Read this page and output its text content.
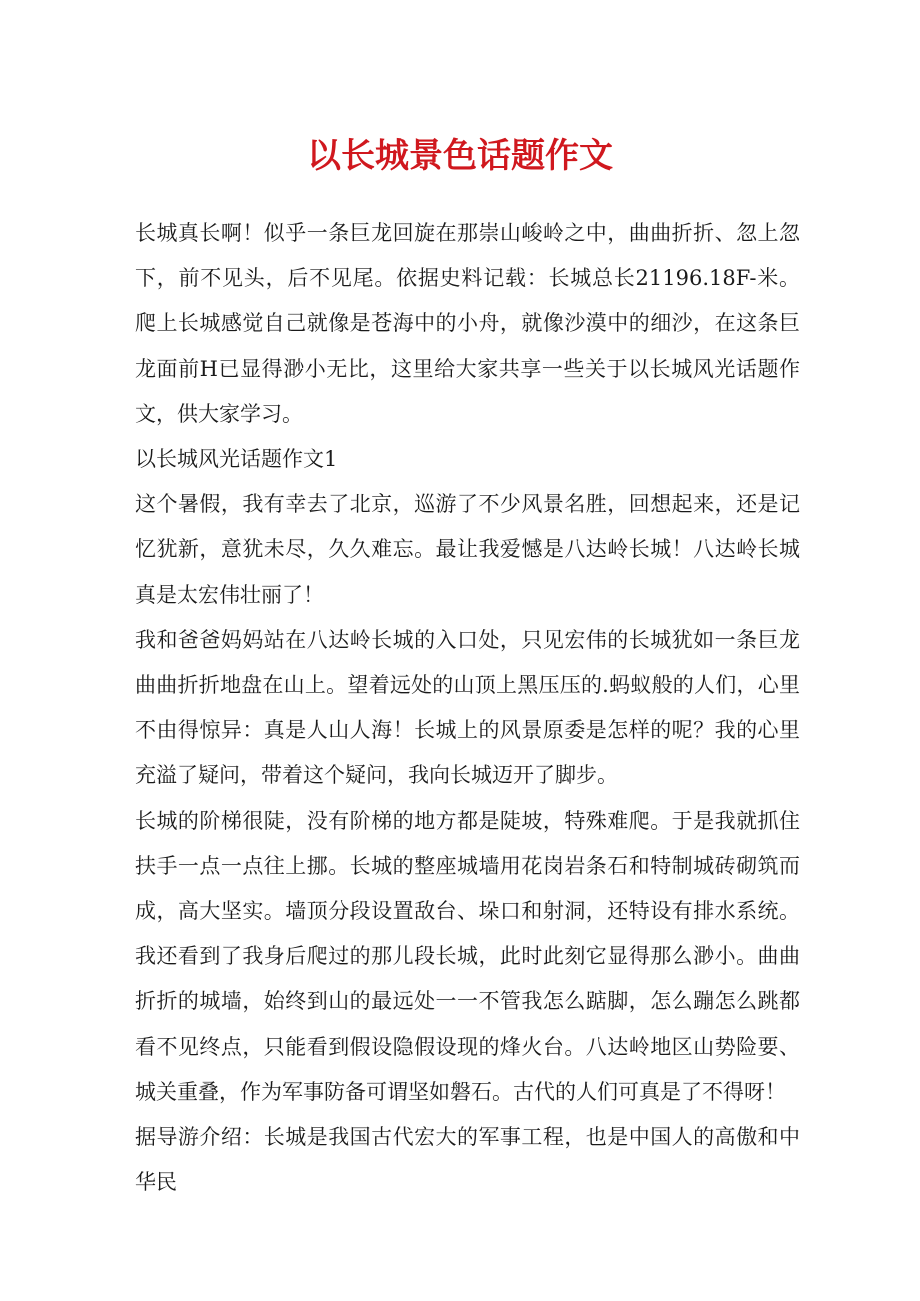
以长城景色话题作文

长城真长啊！似乎一条巨龙回旋在那崇山峻岭之中，曲曲折折、忽上忽下，前不见头，后不见尾。依据史料记载：长城总长21196.18F-米。爬上长城感觉自己就像是苍海中的小舟，就像沙漠中的细沙，在这条巨龙面前H已显得渺小无比，这里给大家共享一些关于以长城风光话题作文，供大家学习。

以长城风光话题作文1

这个暑假，我有幸去了北京，巡游了不少风景名胜，回想起来，还是记忆犹新，意犹未尽，久久难忘。最让我爱憾是八达岭长城！八达岭长城真是太宏伟壮丽了！

我和爸爸妈妈站在八达岭长城的入口处，只见宏伟的长城犹如一条巨龙曲曲折折地盘在山上。望着远处的山顶上黑压压的.蚂蚁般的人们，心里不由得惊异：真是人山人海！长城上的风景原委是怎样的呢？我的心里充溢了疑问，带着这个疑问，我向长城迈开了脚步。

长城的阶梯很陡，没有阶梯的地方都是陡坡，特殊难爬。于是我就抓住扶手一点一点往上挪。长城的整座城墙用花岗岩条石和特制城砖砌筑而成，高大坚实。墙顶分段设置敌台、垛口和射洞，还特设有排水系统。我还看到了我身后爬过的那儿段长城，此时此刻它显得那么渺小。曲曲折折的城墙，始终到山的最远处一一不管我怎么踮脚，怎么蹦怎么跳都看不见终点，只能看到假设隐假设现的烽火台。八达岭地区山势险要、城关重叠，作为军事防备可谓坚如磐石。古代的人们可真是了不得呀！

据导游介绍：长城是我国古代宏大的军事工程，也是中国人的高傲和中华民
